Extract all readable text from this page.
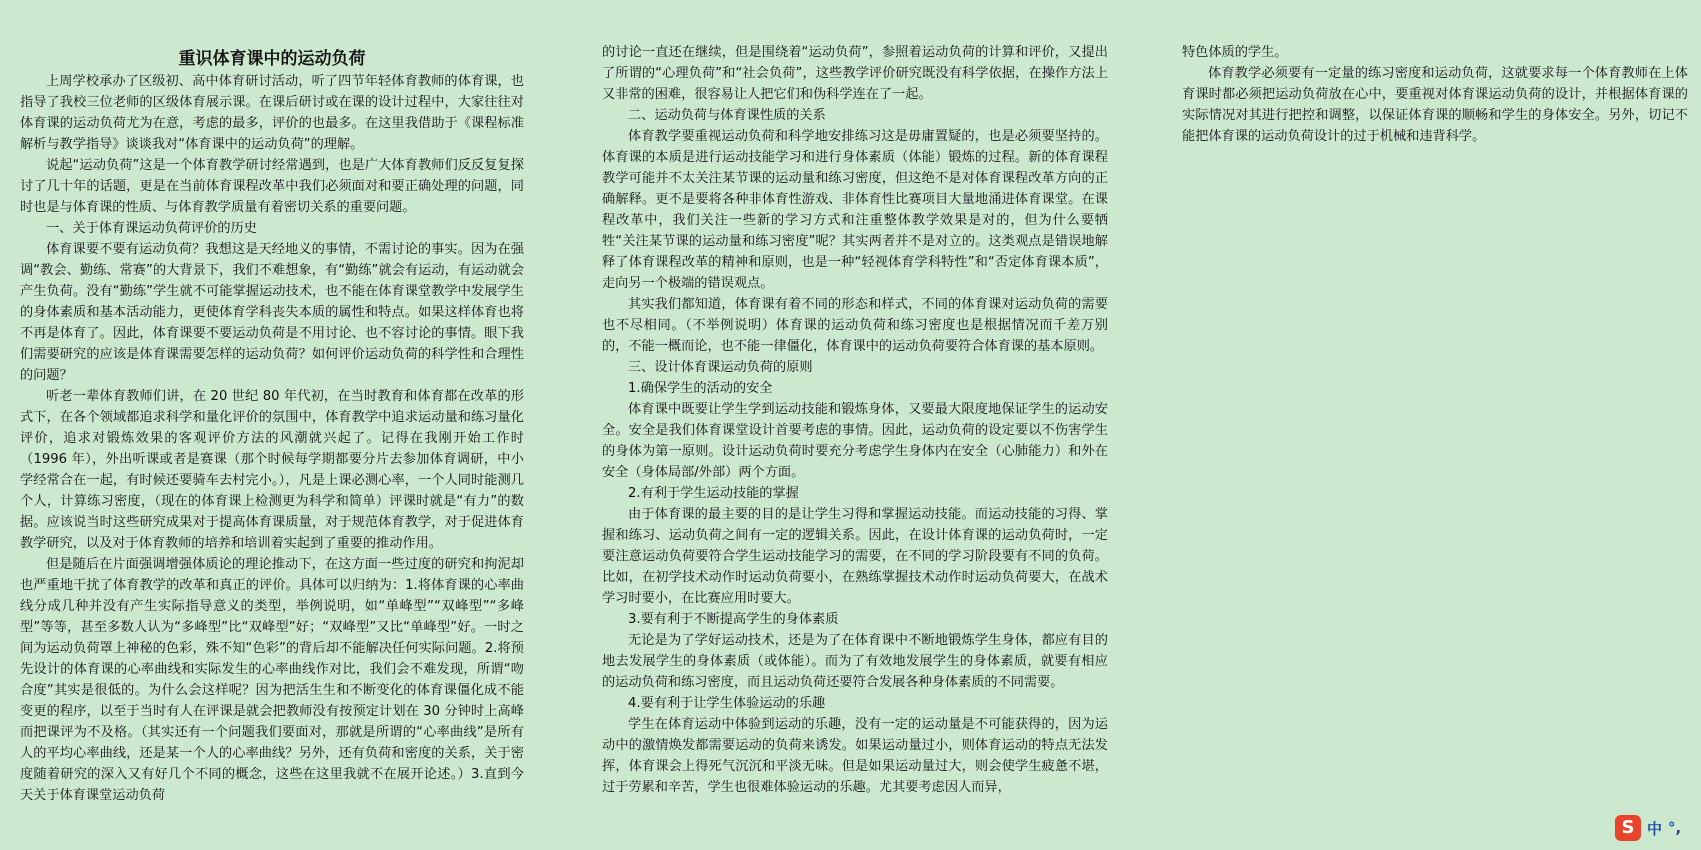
重识体育课中的运动负荷

上周学校承办了区级初、高中体育研讨活动，听了四节年轻体育教师的体育课，也指导了我校三位老师的区级体育展示课。在课后研讨或在课的设计过程中，大家往往对体育课的运动负荷尤为在意，考虑的最多，评价的也最多。在这里我借助于《课程标准解析与教学指导》谈谈我对“体育课中的运动负荷”的理解。

说起“运动负荷”这是一个体育教学研讨经常遇到，也是广大体育教师们反反复复探讨了几十年的话题，更是在当前体育课程改革中我们必须面对和要正确处理的问题，同时也是与体育课的性质、与体育教学质量有着密切关系的重要问题。

一、关于体育课运动负荷评价的历史

体育课要不要有运动负荷？我想这是天经地义的事情，不需讨论的事实。因为在强调“教会、勤练、常赛”的大背景下，我们不难想象，有“勤练”就会有运动，有运动就会产生负荷。没有“勤练”学生就不可能掌握运动技术，也不能在体育课堂教学中发展学生的身体素质和基本活动能力，更使体育学科丧失本质的属性和特点。如果这样体育也将不再是体育了。因此，体育课要不要运动负荷是不用讨论、也不容讨论的事情。眼下我们需要研究的应该是体育课需要怎样的运动负荷？如何评价运动负荷的科学性和合理性的问题？

听老一辈体育教师们讲，在 20 世纪 80 年代初，在当时教育和体育都在改革的形式下，在各个领域都追求科学和量化评价的氛围中，体育教学中追求运动量和练习量化评价，追求对锻炼效果的客观评价方法的风潮就兴起了。记得在我刚开始工作时（1996 年），外出听课或者是赛课（那个时候每学期都要分片去参加体育调研，中小学经常合在一起，有时候还要骑车去村完小。），凡是上课必测心率，一个人同时能测几个人，计算练习密度，（现在的体育课上检测更为科学和简单）评课时就是“有力”的数据。应该说当时这些研究成果对于提高体育课质量，对于规范体育教学，对于促进体育教学研究，以及对于体育教师的培养和培训着实起到了重要的推动作用。

但是随后在片面强调增强体质论的理论推动下，在这方面一些过度的研究和拘泥却也严重地干扰了体育教学的改革和真正的评价。具体可以归纳为：1.将体育课的心率曲线分成几种并没有产生实际指导意义的类型，举例说明，如“单峰型”“双峰型”“多峰型”等等，甚至多数人认为“多峰型”比“双峰型”好；“双峰型”又比“单峰型”好。一时之间为运动负荷罩上神秘的色彩，殊不知“色彩”的背后却不能解决任何实际问题。2.将预先设计的体育课的心率曲线和实际发生的心率曲线作对比，我们会不难发现，所谓“吻合度”其实是很低的。为什么会这样呢？因为把活生生和不断变化的体育课僵化成不能变更的程序，以至于当时有人在评课是就会把教师没有按预定计划在 30 分钟时上高峰而把课评为不及格。（其实还有一个问题我们要面对，那就是所谓的“心率曲线”是所有人的平均心率曲线，还是某一个人的心率曲线？另外，还有负荷和密度的关系，关于密度随着研究的深入又有好几个不同的概念，这些在这里我就不在展开论述。）3.直到今天关于体育课堂运动负荷

的讨论一直还在继续，但是围绕着“运动负荷”，参照着运动负荷的计算和评价，又提出了所谓的“心理负荷”和“社会负荷”，这些教学评价研究既没有科学依据，在操作方法上又非常的困难，很容易让人把它们和伪科学连在了一起。

二、运动负荷与体育课性质的关系

体育教学要重视运动负荷和科学地安排练习这是毋庸置疑的，也是必须要坚持的。体育课的本质是进行运动技能学习和进行身体素质（体能）锻炼的过程。新的体育课程教学可能并不太关注某节课的运动量和练习密度，但这绝不是对体育课程改革方向的正确解释。更不是要将各种非体育性游戏、非体育性比赛项目大量地涌进体育课堂。在课程改革中，我们关注一些新的学习方式和注重整体教学效果是对的，但为什么要牺牲“关注某节课的运动量和练习密度”呢？其实两者并不是对立的。这类观点是错误地解释了体育课程改革的精神和原则，也是一种“轻视体育学科特性”和“否定体育课本质”，走向另一个极端的错误观点。

其实我们都知道，体育课有着不同的形态和样式，不同的体育课对运动负荷的需要也不尽相同。（不举例说明）体育课的运动负荷和练习密度也是根据情况而千差万别的，不能一概而论，也不能一律僵化，体育课中的运动负荷要符合体育课的基本原则。

三、设计体育课运动负荷的原则

1.确保学生的活动的安全

体育课中既要让学生学到运动技能和锻炼身体，又要最大限度地保证学生的运动安全。安全是我们体育课堂设计首要考虑的事情。因此，运动负荷的设定要以不伤害学生的身体为第一原则。设计运动负荷时要充分考虑学生身体内在安全（心肺能力）和外在安全（身体局部/外部）两个方面。

2.有利于学生运动技能的掌握

由于体育课的最主要的目的是让学生习得和掌握运动技能。而运动技能的习得、掌握和练习、运动负荷之间有一定的逻辑关系。因此，在设计体育课的运动负荷时，一定要注意运动负荷要符合学生运动技能学习的需要，在不同的学习阶段要有不同的负荷。比如，在初学技术动作时运动负荷要小，在熟练掌握技术动作时运动负荷要大，在战术学习时要小，在比赛应用时要大。

3.要有利于不断提高学生的身体素质

无论是为了学好运动技术，还是为了在体育课中不断地锻炼学生身体，都应有目的地去发展学生的身体素质（或体能）。而为了有效地发展学生的身体素质，就要有相应的运动负荷和练习密度，而且运动负荷还要符合发展各种身体素质的不同需要。

4.要有利于让学生体验运动的乐趣

学生在体育运动中体验到运动的乐趣，没有一定的运动量是不可能获得的，因为运动中的激情焕发都需要运动的负荷来诱发。如果运动量过小，则体育运动的特点无法发挥，体育课会上得死气沉沉和平淡无味。但是如果运动量过大，则会使学生疲惫不堪，过于劳累和辛苦，学生也很难体验运动的乐趣。尤其要考虑因人而异，

特色体质的学生。

体育教学必须要有一定量的练习密度和运动负荷，这就要求每一个体育教师在上体育课时都必须把运动负荷放在心中，要重视对体育课运动负荷的设计，并根据体育课的实际情况对其进行把控和调整，以保证体育课的顺畅和学生的身体安全。另外，切记不能把体育课的运动负荷设计的过于机械和违背科学。

S 中 °,
